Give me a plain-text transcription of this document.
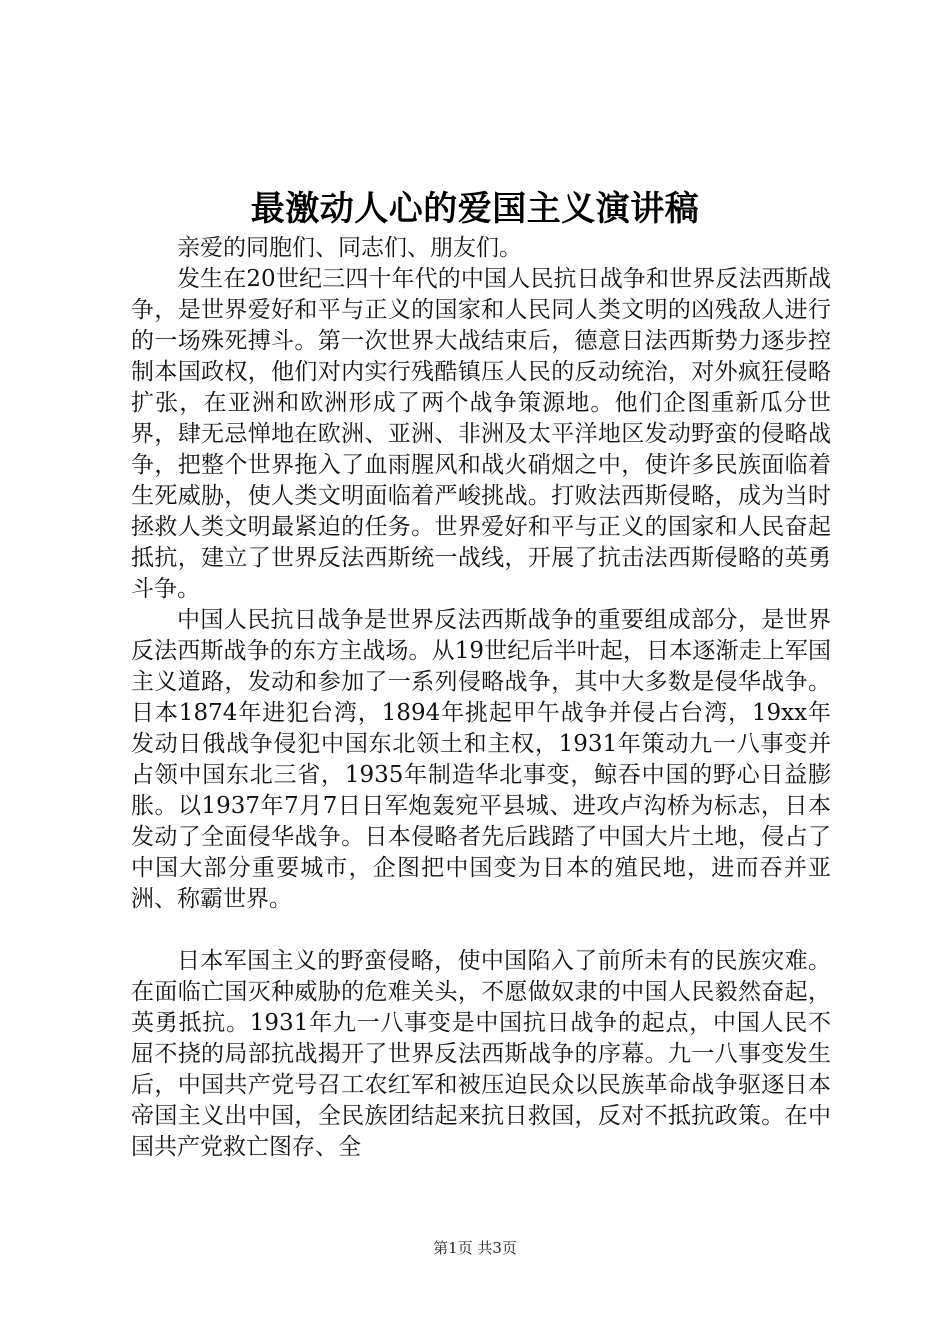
最激动人心的爱国主义演讲稿

亲爱的同胞们、同志们、朋友们。

发生在20世纪三四十年代的中国人民抗日战争和世界反法西斯战争，是世界爱好和平与正义的国家和人民同人类文明的凶残敌人进行的一场殊死搏斗。第一次世界大战结束后，德意日法西斯势力逐步控制本国政权，他们对内实行残酷镇压人民的反动统治，对外疯狂侵略扩张，在亚洲和欧洲形成了两个战争策源地。他们企图重新瓜分世界，肆无忌惮地在欧洲、亚洲、非洲及太平洋地区发动野蛮的侵略战争，把整个世界拖入了血雨腥风和战火硝烟之中，使许多民族面临着生死威胁，使人类文明面临着严峻挑战。打败法西斯侵略，成为当时拯救人类文明最紧迫的任务。世界爱好和平与正义的国家和人民奋起抵抗，建立了世界反法西斯统一战线，开展了抗击法西斯侵略的英勇斗争。

中国人民抗日战争是世界反法西斯战争的重要组成部分，是世界反法西斯战争的东方主战场。从19世纪后半叶起，日本逐渐走上军国主义道路，发动和参加了一系列侵略战争，其中大多数是侵华战争。日本1874年进犯台湾，1894年挑起甲午战争并侵占台湾，19xx年发动日俄战争侵犯中国东北领土和主权，1931年策动九一八事变并占领中国东北三省，1935年制造华北事变，鲸吞中国的野心日益膨胀。以1937年7月7日日军炮轰宛平县城、进攻卢沟桥为标志，日本发动了全面侵华战争。日本侵略者先后践踏了中国大片土地，侵占了中国大部分重要城市，企图把中国变为日本的殖民地，进而吞并亚洲、称霸世界。

日本军国主义的野蛮侵略，使中国陷入了前所未有的民族灾难。在面临亡国灭种威胁的危难关头，不愿做奴隶的中国人民毅然奋起，英勇抵抗。1931年九一八事变是中国抗日战争的起点，中国人民不屈不挠的局部抗战揭开了世界反法西斯战争的序幕。九一八事变发生后，中国共产党号召工农红军和被压迫民众以民族革命战争驱逐日本帝国主义出中国，全民族团结起来抗日救国，反对不抵抗政策。在中国共产党救亡图存、全

第1页 共3页
